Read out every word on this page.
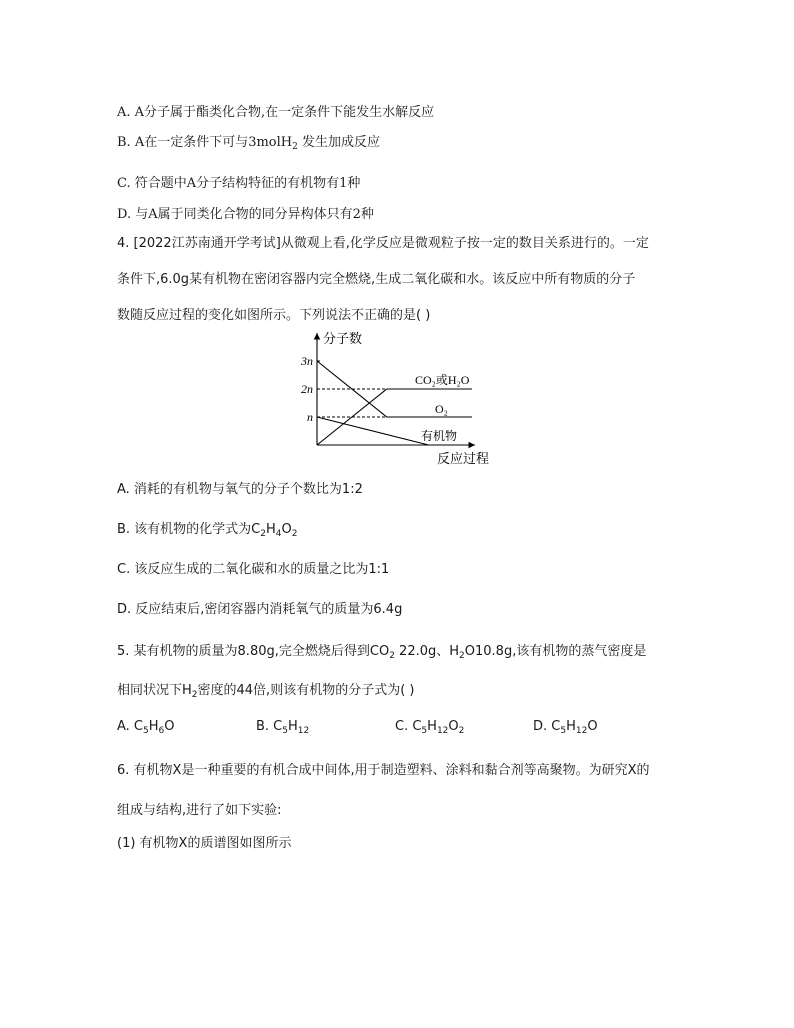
A. A分子属于酯类化合物,在一定条件下能发生水解反应
B. A在一定条件下可与3molH$_2$ 发生加成反应
C. 符合题中A分子结构特征的有机物有1种
D. 与A属于同类化合物的同分异构体只有2种
4. [2022江苏南通开学考试]从微观上看,化学反应是微观粒子按一定的数目关系进行的。一定
条件下,6.0g某有机物在密闭容器内完全燃烧,生成二氧化碳和水。该反应中所有物质的分子
数随反应过程的变化如图所示。下列说法不正确的是( )
分子数
反应过程
3n
2n
n
CO₂或H₂O
O₂
有机物
A. 消耗的有机物与氧气的分子个数比为1:2
B. 该有机物的化学式为$C_2H_4O_2$
C. 该反应生成的二氧化碳和水的质量之比为1:1
D. 反应结束后,密闭容器内消耗氧气的质量为6.4g
5. 某有机物的质量为8.80g,完全燃烧后得到$CO_2$ 22.0g、$H_2O10.8g$,该有机物的蒸气密度是
相同状况下$H_2$密度的44倍,则该有机物的分子式为( )
A. $C_5H_6O$	B. $C_5H_{12}$	C. $C_5H_{12}O_2$	D. $C_5H_{12}O$
6. 有机物X是一种重要的有机合成中间体,用于制造塑料、涂料和黏合剂等高聚物。为研究X的
组成与结构,进行了如下实验:
(1) 有机物X的质谱图如图所示
